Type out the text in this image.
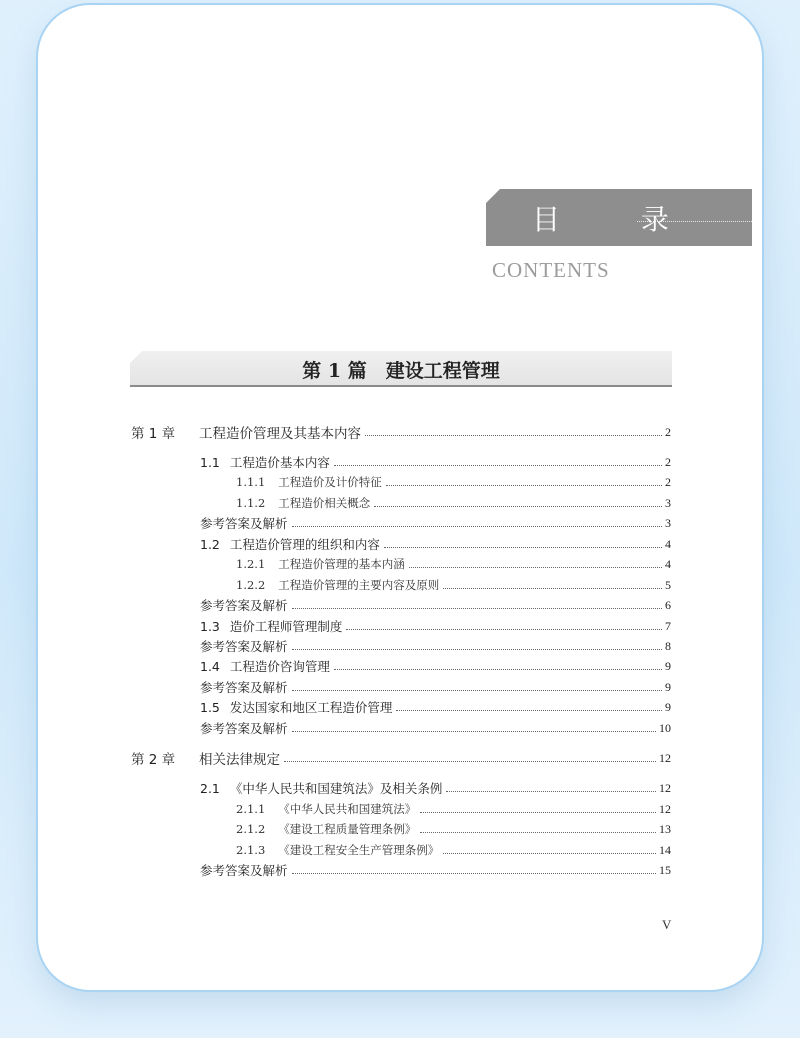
目 录
CONTENTS
第 1 篇　建设工程管理
第 1 章	工程造价管理及其基本内容	2
1.1 工程造价基本内容	2
1.1.1 工程造价及计价特征	2
1.1.2 工程造价相关概念	3
参考答案及解析	3
1.2 工程造价管理的组织和内容	4
1.2.1 工程造价管理的基本内涵	4
1.2.2 工程造价管理的主要内容及原则	5
参考答案及解析	6
1.3 造价工程师管理制度	7
参考答案及解析	8
1.4 工程造价咨询管理	9
参考答案及解析	9
1.5 发达国家和地区工程造价管理	9
参考答案及解析	10
第 2 章	相关法律规定	12
2.1 《中华人民共和国建筑法》及相关条例	12
2.1.1 《中华人民共和国建筑法》	12
2.1.2 《建设工程质量管理条例》	13
2.1.3 《建设工程安全生产管理条例》	14
参考答案及解析	15
V
